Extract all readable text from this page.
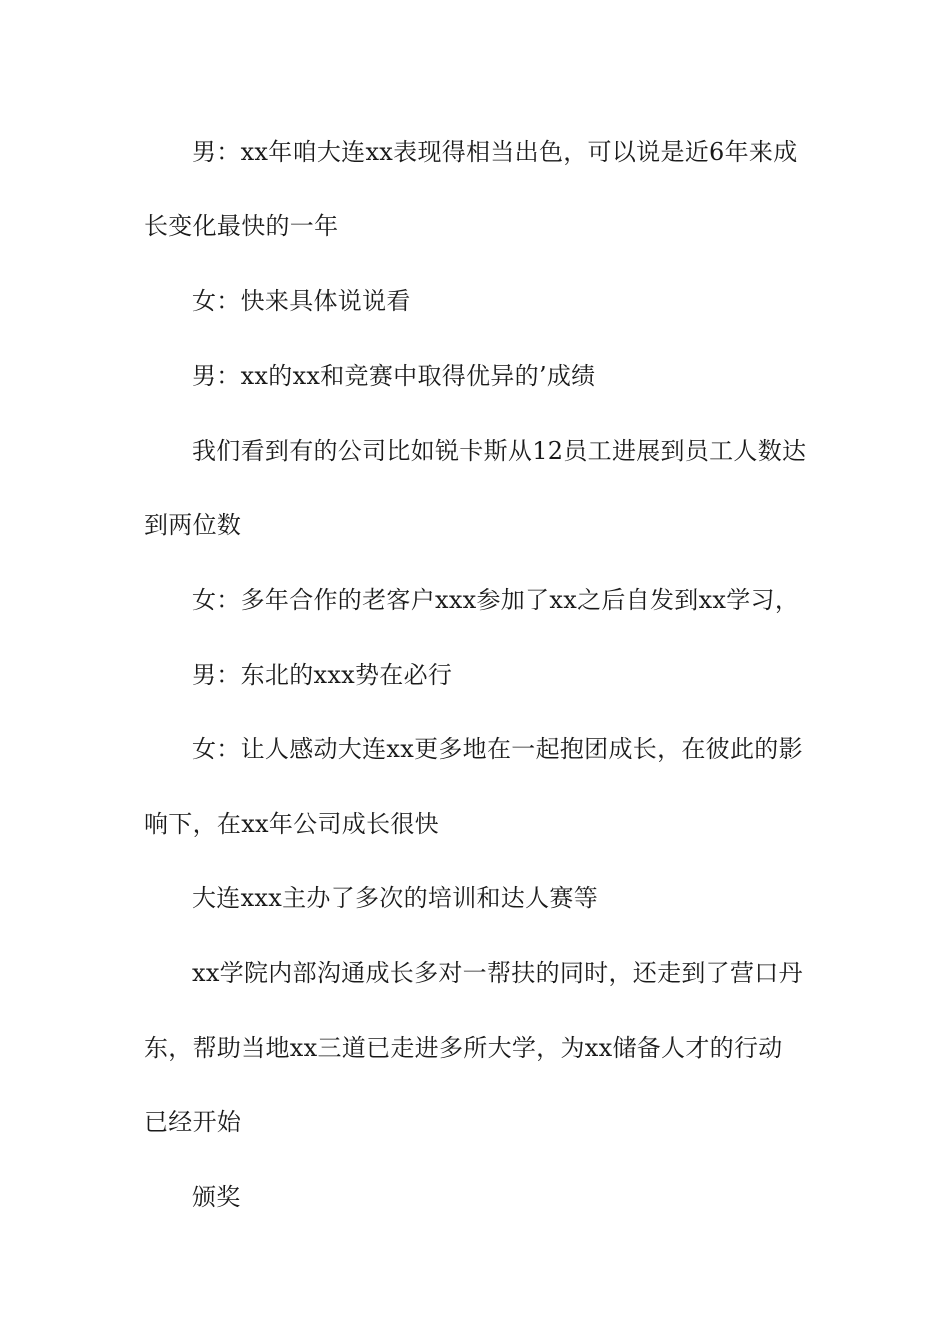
男：xx年咱大连xx表现得相当出色，可以说是近6年来成
长变化最快的一年
女：快来具体说说看
男：xx的xx和竞赛中取得优异的’成绩
我们看到有的公司比如锐卡斯从12员工进展到员工人数达
到两位数
女：多年合作的老客户xxx参加了xx之后自发到xx学习，
男：东北的xxx势在必行
女：让人感动大连xx更多地在一起抱团成长，在彼此的影
响下，在xx年公司成长很快
大连xxx主办了多次的培训和达人赛等
xx学院内部沟通成长多对一帮扶的同时，还走到了营口丹
东，帮助当地xx三道已走进多所大学，为xx储备人才的行动
已经开始
颁奖
